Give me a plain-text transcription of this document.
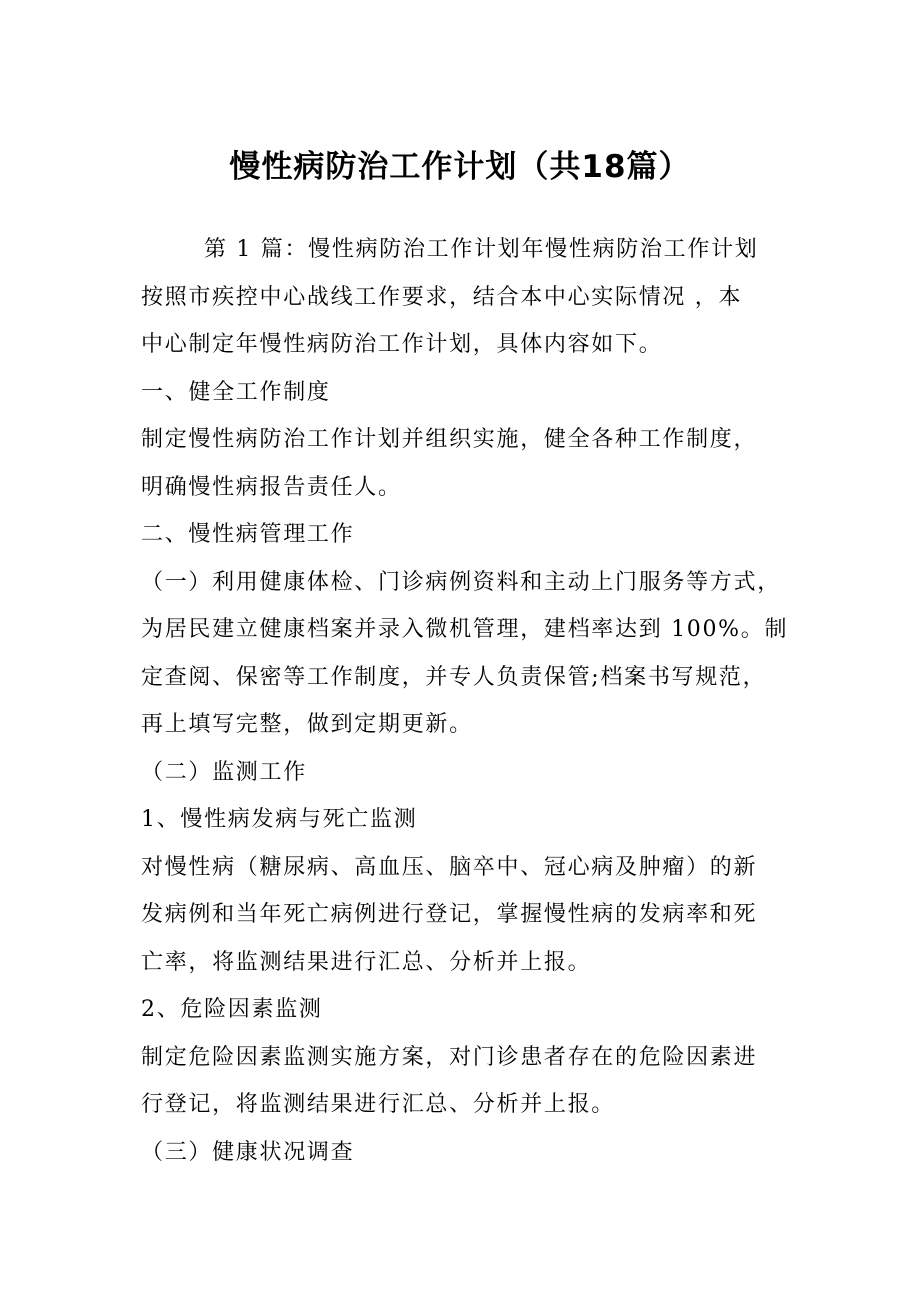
慢性病防治工作计划（共18篇）

第 1 篇：慢性病防治工作计划年慢性病防治工作计划

按照市疾控中心战线工作要求，结合本中心实际情况 ，本

中心制定年慢性病防治工作计划，具体内容如下。

一、健全工作制度

制定慢性病防治工作计划并组织实施，健全各种工作制度，

明确慢性病报告责任人。

二、慢性病管理工作

（一）利用健康体检、门诊病例资料和主动上门服务等方式，

为居民建立健康档案并录入微机管理，建档率达到 100%。制

定查阅、保密等工作制度，并专人负责保管;档案书写规范，

再上填写完整，做到定期更新。

（二）监测工作

1、慢性病发病与死亡监测

对慢性病（糖尿病、高血压、脑卒中、冠心病及肿瘤）的新

发病例和当年死亡病例进行登记，掌握慢性病的发病率和死

亡率，将监测结果进行汇总、分析并上报。

2、危险因素监测

制定危险因素监测实施方案，对门诊患者存在的危险因素进

行登记，将监测结果进行汇总、分析并上报。

（三）健康状况调查
